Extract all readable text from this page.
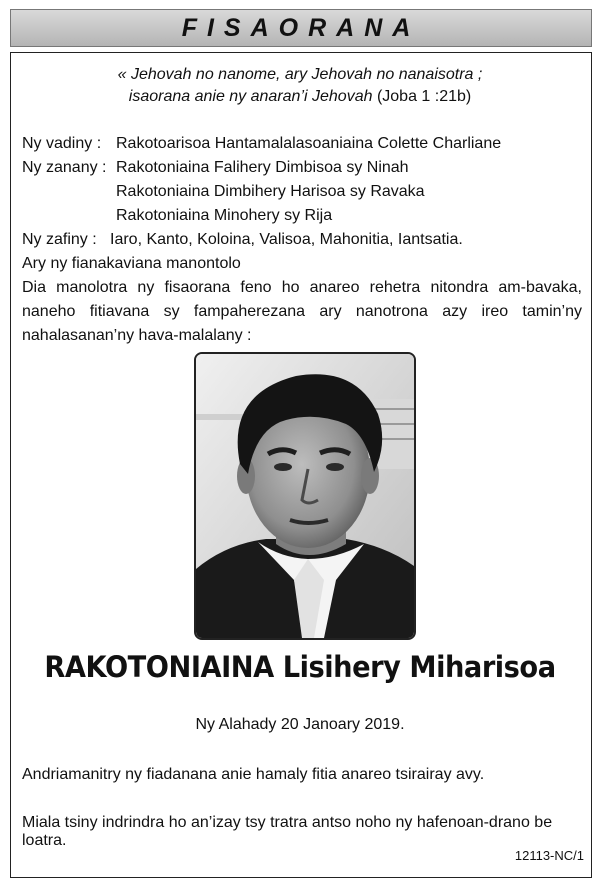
FISAORANA
« Jehovah no nanome, ary Jehovah no nanaisotra ;
isaorana anie ny anaran’i Jehovah (Joba 1 :21b)
Ny vadiny : Rakotoarisoa Hantamalalasoaniaina Colette Charliane
Ny zanany : Rakotoniaina Falihery Dimbisoa sy Ninah
Rakotoniaina Dimbihery Harisoa sy Ravaka
Rakotoniaina Minohery sy Rija
Ny zafiny : Iaro, Kanto, Koloina, Valisoa, Mahonitia, Iantsatia.
Ary ny fianakaviana manontolo
Dia manolotra ny fisaorana feno ho anareo rehetra nitondra am-bavaka, naneho fitiavana sy fampaherezana ary nanotrona azy ireo tamin’ny nahalasanan’ny hava-malalany :
RAKOTONIAINA Lisihery Miharisoa
Ny Alahady 20 Janoary 2019.
Andriamanitry ny fiadanana anie hamaly fitia anareo tsirairay avy.
Miala tsiny indrindra ho an’izay tsy tratra antso noho ny hafenoan-drano be loatra.
12113-NC/1
